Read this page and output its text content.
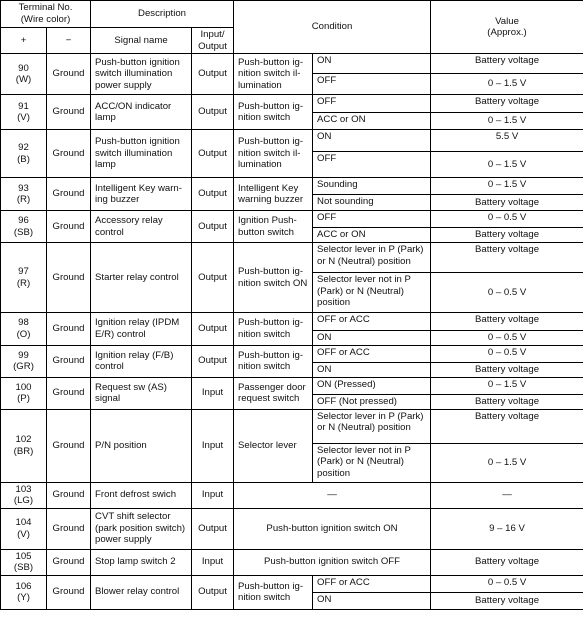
Terminal No.
(Wire color)		Description		Condition		Value
(Approx.)

+	−	Signal name	Input/
Output			
90
(W)	Ground	Push-button ignition switch illumination power supply	Output	Push-button ignition switch illumination	ON	Battery voltage
					OFF	0 – 1.5 V
91
(V)	Ground	ACC/ON indicator lamp	Output	Push-button ignition switch	OFF	Battery voltage
					ACC or ON	0 – 1.5 V
92
(B)	Ground	Push-button ignition switch illumination lamp	Output	Push-button ignition switch illumination	ON	5.5 V
					OFF	0 – 1.5 V
93
(R)	Ground	Intelligent Key warning buzzer	Output	Intelligent Key warning buzzer	Sounding	0 – 1.5 V
					Not sounding	Battery voltage
96
(SB)	Ground	Accessory relay control	Output	Ignition Push-button switch	OFF	0 – 0.5 V
					ACC or ON	Battery voltage
97
(R)	Ground	Starter relay control	Output	Push-button ignition switch ON	Selector lever in P (Park) or N (Neutral) position	Battery voltage
					Selector lever not in P (Park) or N (Neutral) position	0 – 0.5 V
98
(O)	Ground	Ignition relay (IPDM E/R) control	Output	Push-button ignition switch	OFF or ACC	Battery voltage
					ON	0 – 0.5 V
99
(GR)	Ground	Ignition relay (F/B) control	Output	Push-button ignition switch	OFF or ACC	0 – 0.5 V
					ON	Battery voltage
100
(P)	Ground	Request sw (AS) signal	Input	Passenger door request switch	ON (Pressed)	0 – 1.5 V
					OFF (Not pressed)	Battery voltage
102
(BR)	Ground	P/N position	Input	Selector lever	Selector lever in P (Park) or N (Neutral) position	Battery voltage
					Selector lever not in P (Park) or N (Neutral) position	0 – 1.5 V
103
(LG)	Ground	Front defrost swich	Input	—		—
104
(V)	Ground	CVT shift selector (park position switch) power supply	Output	Push-button ignition switch ON		9 – 16 V
105
(SB)	Ground	Stop lamp switch 2	Input	Push-button ignition switch OFF		Battery voltage
106
(Y)	Ground	Blower relay control	Output	Push-button ignition switch	OFF or ACC	0 – 0.5 V
					ON	Battery voltage
